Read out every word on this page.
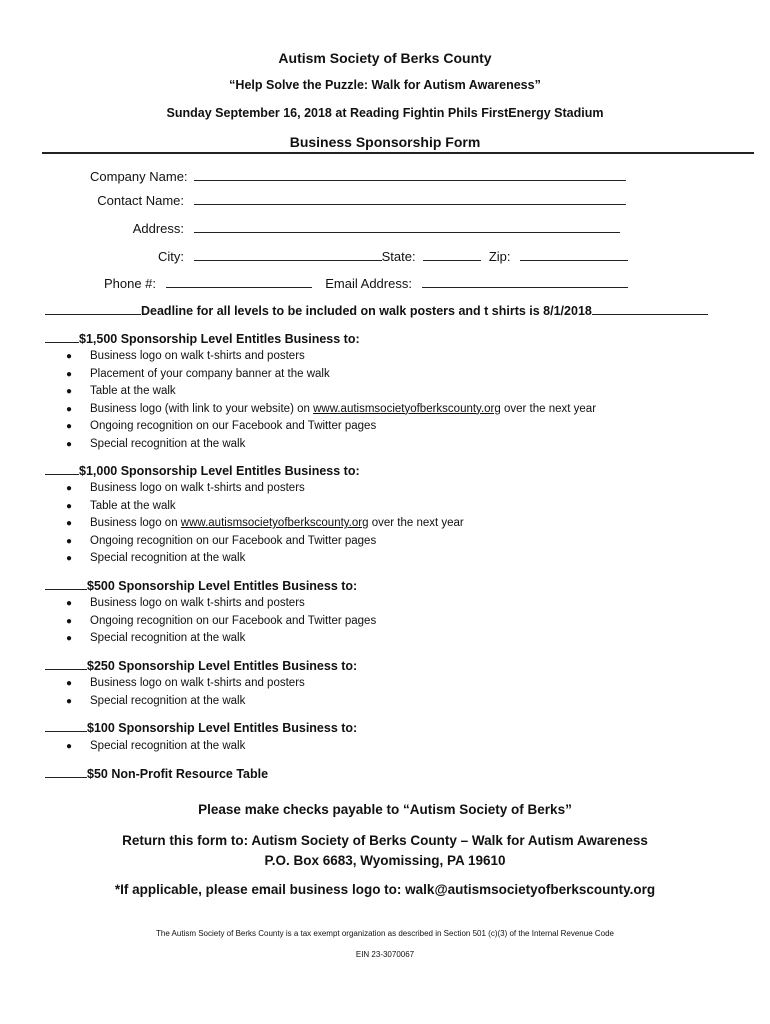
Autism Society of Berks County
“Help Solve the Puzzle: Walk for Autism Awareness”
Sunday September 16, 2018 at Reading Fightin Phils FirstEnergy Stadium
Business Sponsorship Form
Company Name:
Contact Name:
Address:
City:	State:	Zip:
Phone #:	Email Address:
Deadline for all levels to be included on walk posters and t shirts is 8/1/2018
$1,500 Sponsorship Level Entitles Business to:
● Business logo on walk t-shirts and posters
● Placement of your company banner at the walk
● Table at the walk
● Business logo (with link to your website) on www.autismsocietyofberkscounty.org over the next year
● Ongoing recognition on our Facebook and Twitter pages
● Special recognition at the walk
$1,000 Sponsorship Level Entitles Business to:
● Business logo on walk t-shirts and posters
● Table at the walk
● Business logo on www.autismsocietyofberkscounty.org over the next year
● Ongoing recognition on our Facebook and Twitter pages
● Special recognition at the walk
$500 Sponsorship Level Entitles Business to:
● Business logo on walk t-shirts and posters
● Ongoing recognition on our Facebook and Twitter pages
● Special recognition at the walk
$250 Sponsorship Level Entitles Business to:
● Business logo on walk t-shirts and posters
● Special recognition at the walk
$100 Sponsorship Level Entitles Business to:
● Special recognition at the walk
$50 Non-Profit Resource Table
Please make checks payable to “Autism Society of Berks”
Return this form to: Autism Society of Berks County – Walk for Autism Awareness
P.O. Box 6683, Wyomissing, PA 19610
*If applicable, please email business logo to: walk@autismsocietyofberkscounty.org
The Autism Society of Berks County is a tax exempt organization as described in Section 501 (c)(3) of the Internal Revenue Code
EIN 23-3070067
